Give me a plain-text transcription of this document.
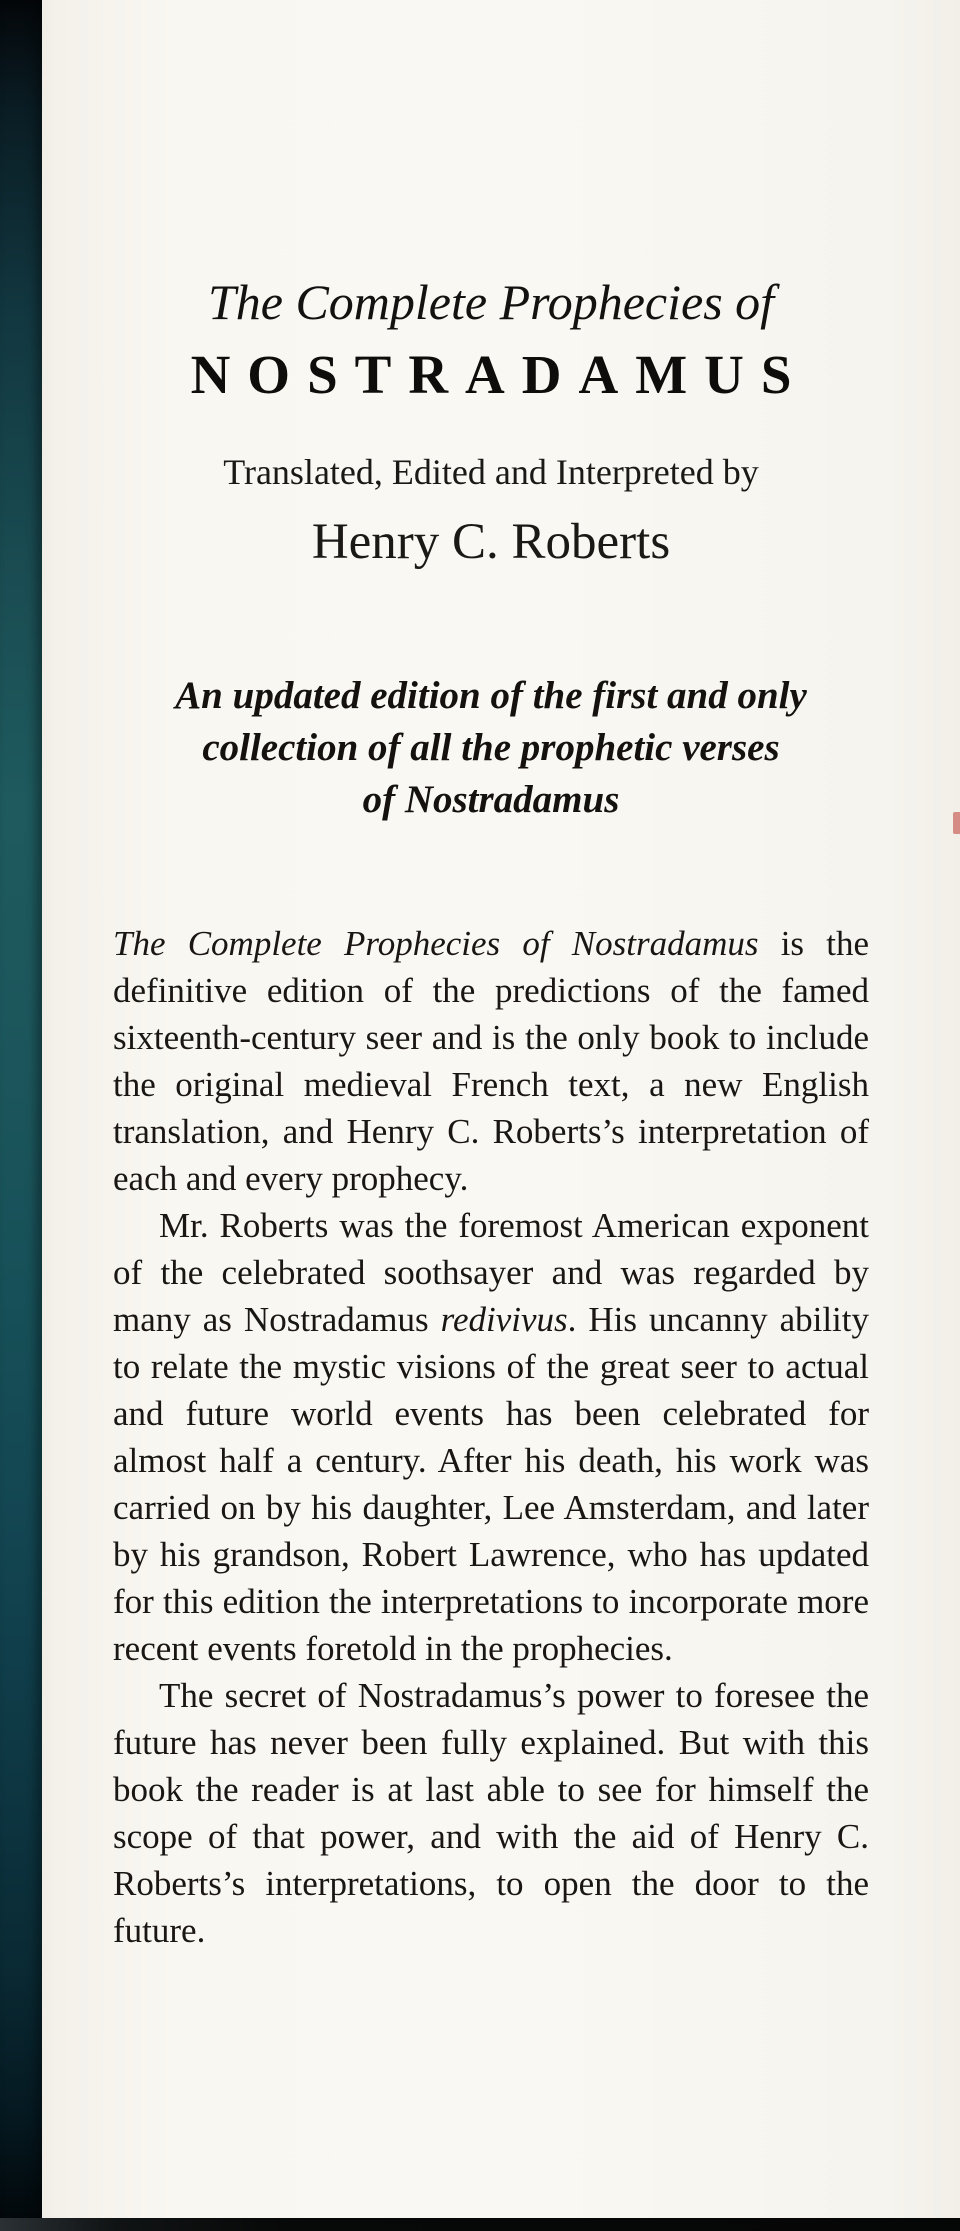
The Complete Prophecies of
NOSTRADAMUS
Translated, Edited and Interpreted by
Henry C. Roberts
An updated edition of the first and only
collection of all the prophetic verses
of Nostradamus

The Complete Prophecies of Nostradamus is the definitive edition of the predictions of the famed sixteenth-century seer and is the only book to include the original medieval French text, a new English translation, and Henry C. Roberts’s interpretation of each and every prophecy.

Mr. Roberts was the foremost American exponent of the celebrated soothsayer and was regarded by many as Nostradamus redivivus. His uncanny ability to relate the mystic visions of the great seer to actual and future world events has been celebrated for almost half a century. After his death, his work was carried on by his daughter, Lee Amsterdam, and later by his grandson, Robert Lawrence, who has updated for this edition the interpretations to incorporate more recent events foretold in the prophecies.

The secret of Nostradamus’s power to foresee the future has never been fully explained. But with this book the reader is at last able to see for himself the scope of that power, and with the aid of Henry C. Roberts’s interpretations, to open the door to the future.
